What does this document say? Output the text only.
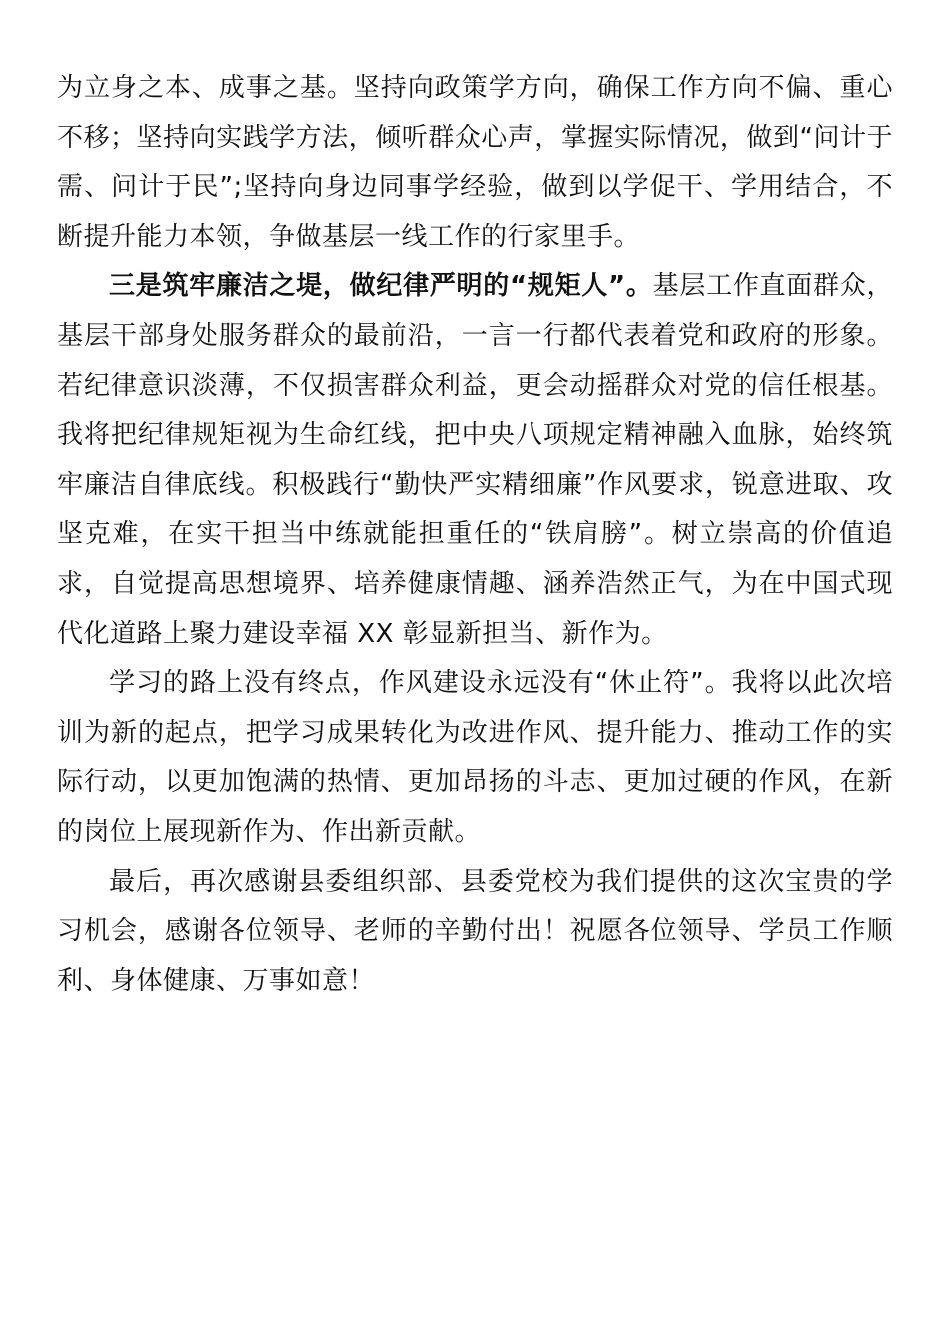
为立身之本、成事之基。坚持向政策学方向，确保工作方向不偏、重心不移；坚持向实践学方法，倾听群众心声，掌握实际情况，做到“问计于需、问计于民”;坚持向身边同事学经验，做到以学促干、学用结合，不断提升能力本领，争做基层一线工作的行家里手。

三是筑牢廉洁之堤，做纪律严明的“规矩人”。基层工作直面群众，基层干部身处服务群众的最前沿，一言一行都代表着党和政府的形象。若纪律意识淡薄，不仅损害群众利益，更会动摇群众对党的信任根基。我将把纪律规矩视为生命红线，把中央八项规定精神融入血脉，始终筑牢廉洁自律底线。积极践行“勤快严实精细廉”作风要求，锐意进取、攻坚克难，在实干担当中练就能担重任的“铁肩膀”。树立崇高的价值追求，自觉提高思想境界、培养健康情趣、涵养浩然正气，为在中国式现代化道路上聚力建设幸福 XX 彰显新担当、新作为。

学习的路上没有终点，作风建设永远没有“休止符”。我将以此次培训为新的起点，把学习成果转化为改进作风、提升能力、推动工作的实际行动，以更加饱满的热情、更加昂扬的斗志、更加过硬的作风，在新的岗位上展现新作为、作出新贡献。

最后，再次感谢县委组织部、县委党校为我们提供的这次宝贵的学习机会，感谢各位领导、老师的辛勤付出！祝愿各位领导、学员工作顺利、身体健康、万事如意！
